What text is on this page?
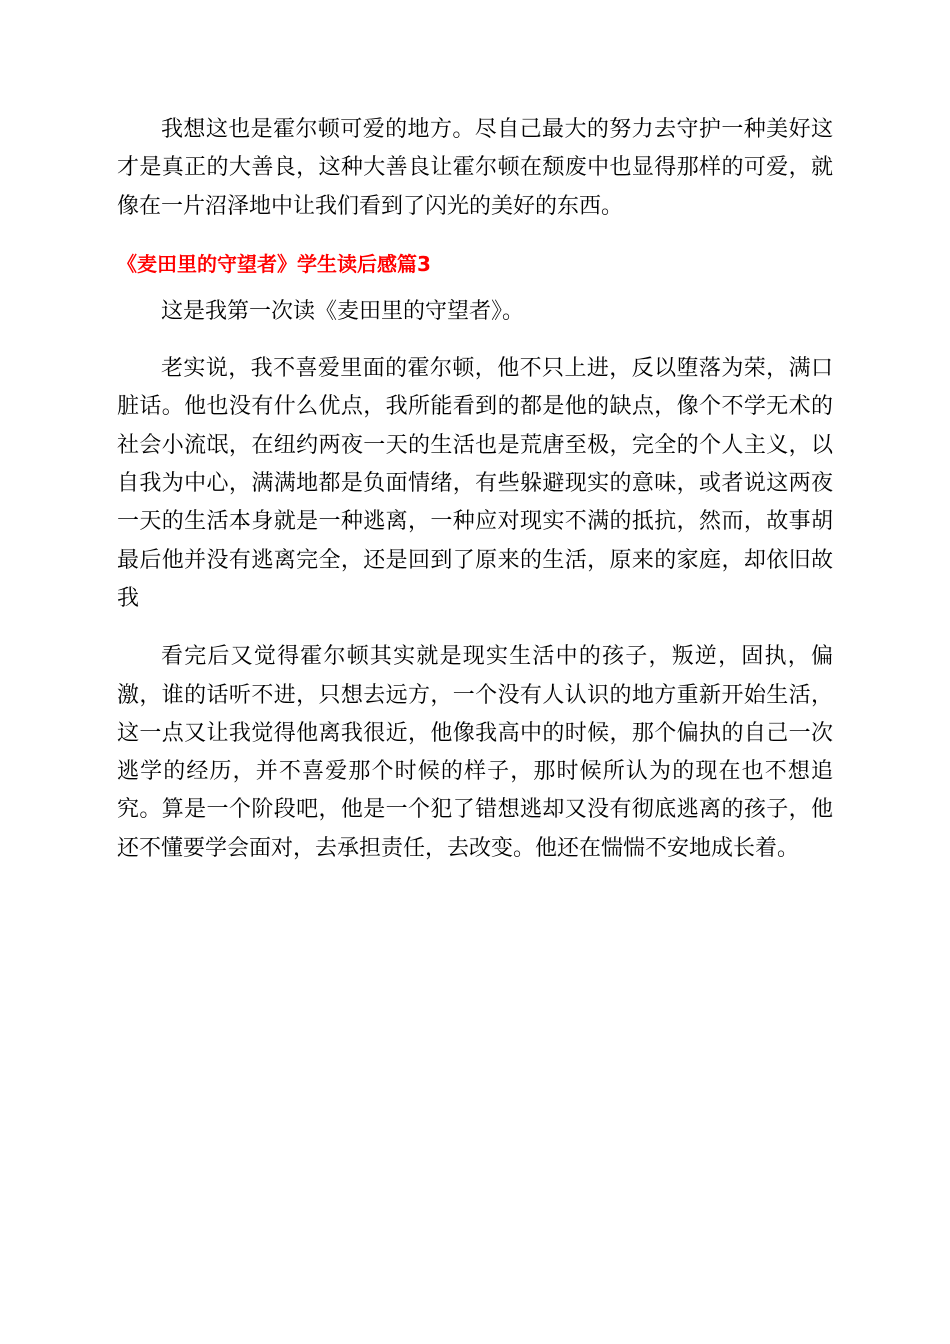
我想这也是霍尔顿可爱的地方。尽自己最大的努力去守护一种美好这才是真正的大善良，这种大善良让霍尔顿在颓废中也显得那样的可爱，就像在一片沼泽地中让我们看到了闪光的美好的东西。

《麦田里的守望者》学生读后感篇3

这是我第一次读《麦田里的守望者》。

老实说，我不喜爱里面的霍尔顿，他不只上进，反以堕落为荣，满口脏话。他也没有什么优点，我所能看到的都是他的缺点，像个不学无术的社会小流氓，在纽约两夜一天的生活也是荒唐至极，完全的个人主义，以自我为中心，满满地都是负面情绪，有些躲避现实的意味，或者说这两夜一天的生活本身就是一种逃离，一种应对现实不满的抵抗，然而，故事胡最后他并没有逃离完全，还是回到了原来的生活，原来的家庭，却依旧故我

看完后又觉得霍尔顿其实就是现实生活中的孩子，叛逆，固执，偏激，谁的话听不进，只想去远方，一个没有人认识的地方重新开始生活，这一点又让我觉得他离我很近，他像我高中的时候，那个偏执的自己一次逃学的经历，并不喜爱那个时候的样子，那时候所认为的现在也不想追究。算是一个阶段吧，他是一个犯了错想逃却又没有彻底逃离的孩子，他还不懂要学会面对，去承担责任，去改变。他还在惴惴不安地成长着。
